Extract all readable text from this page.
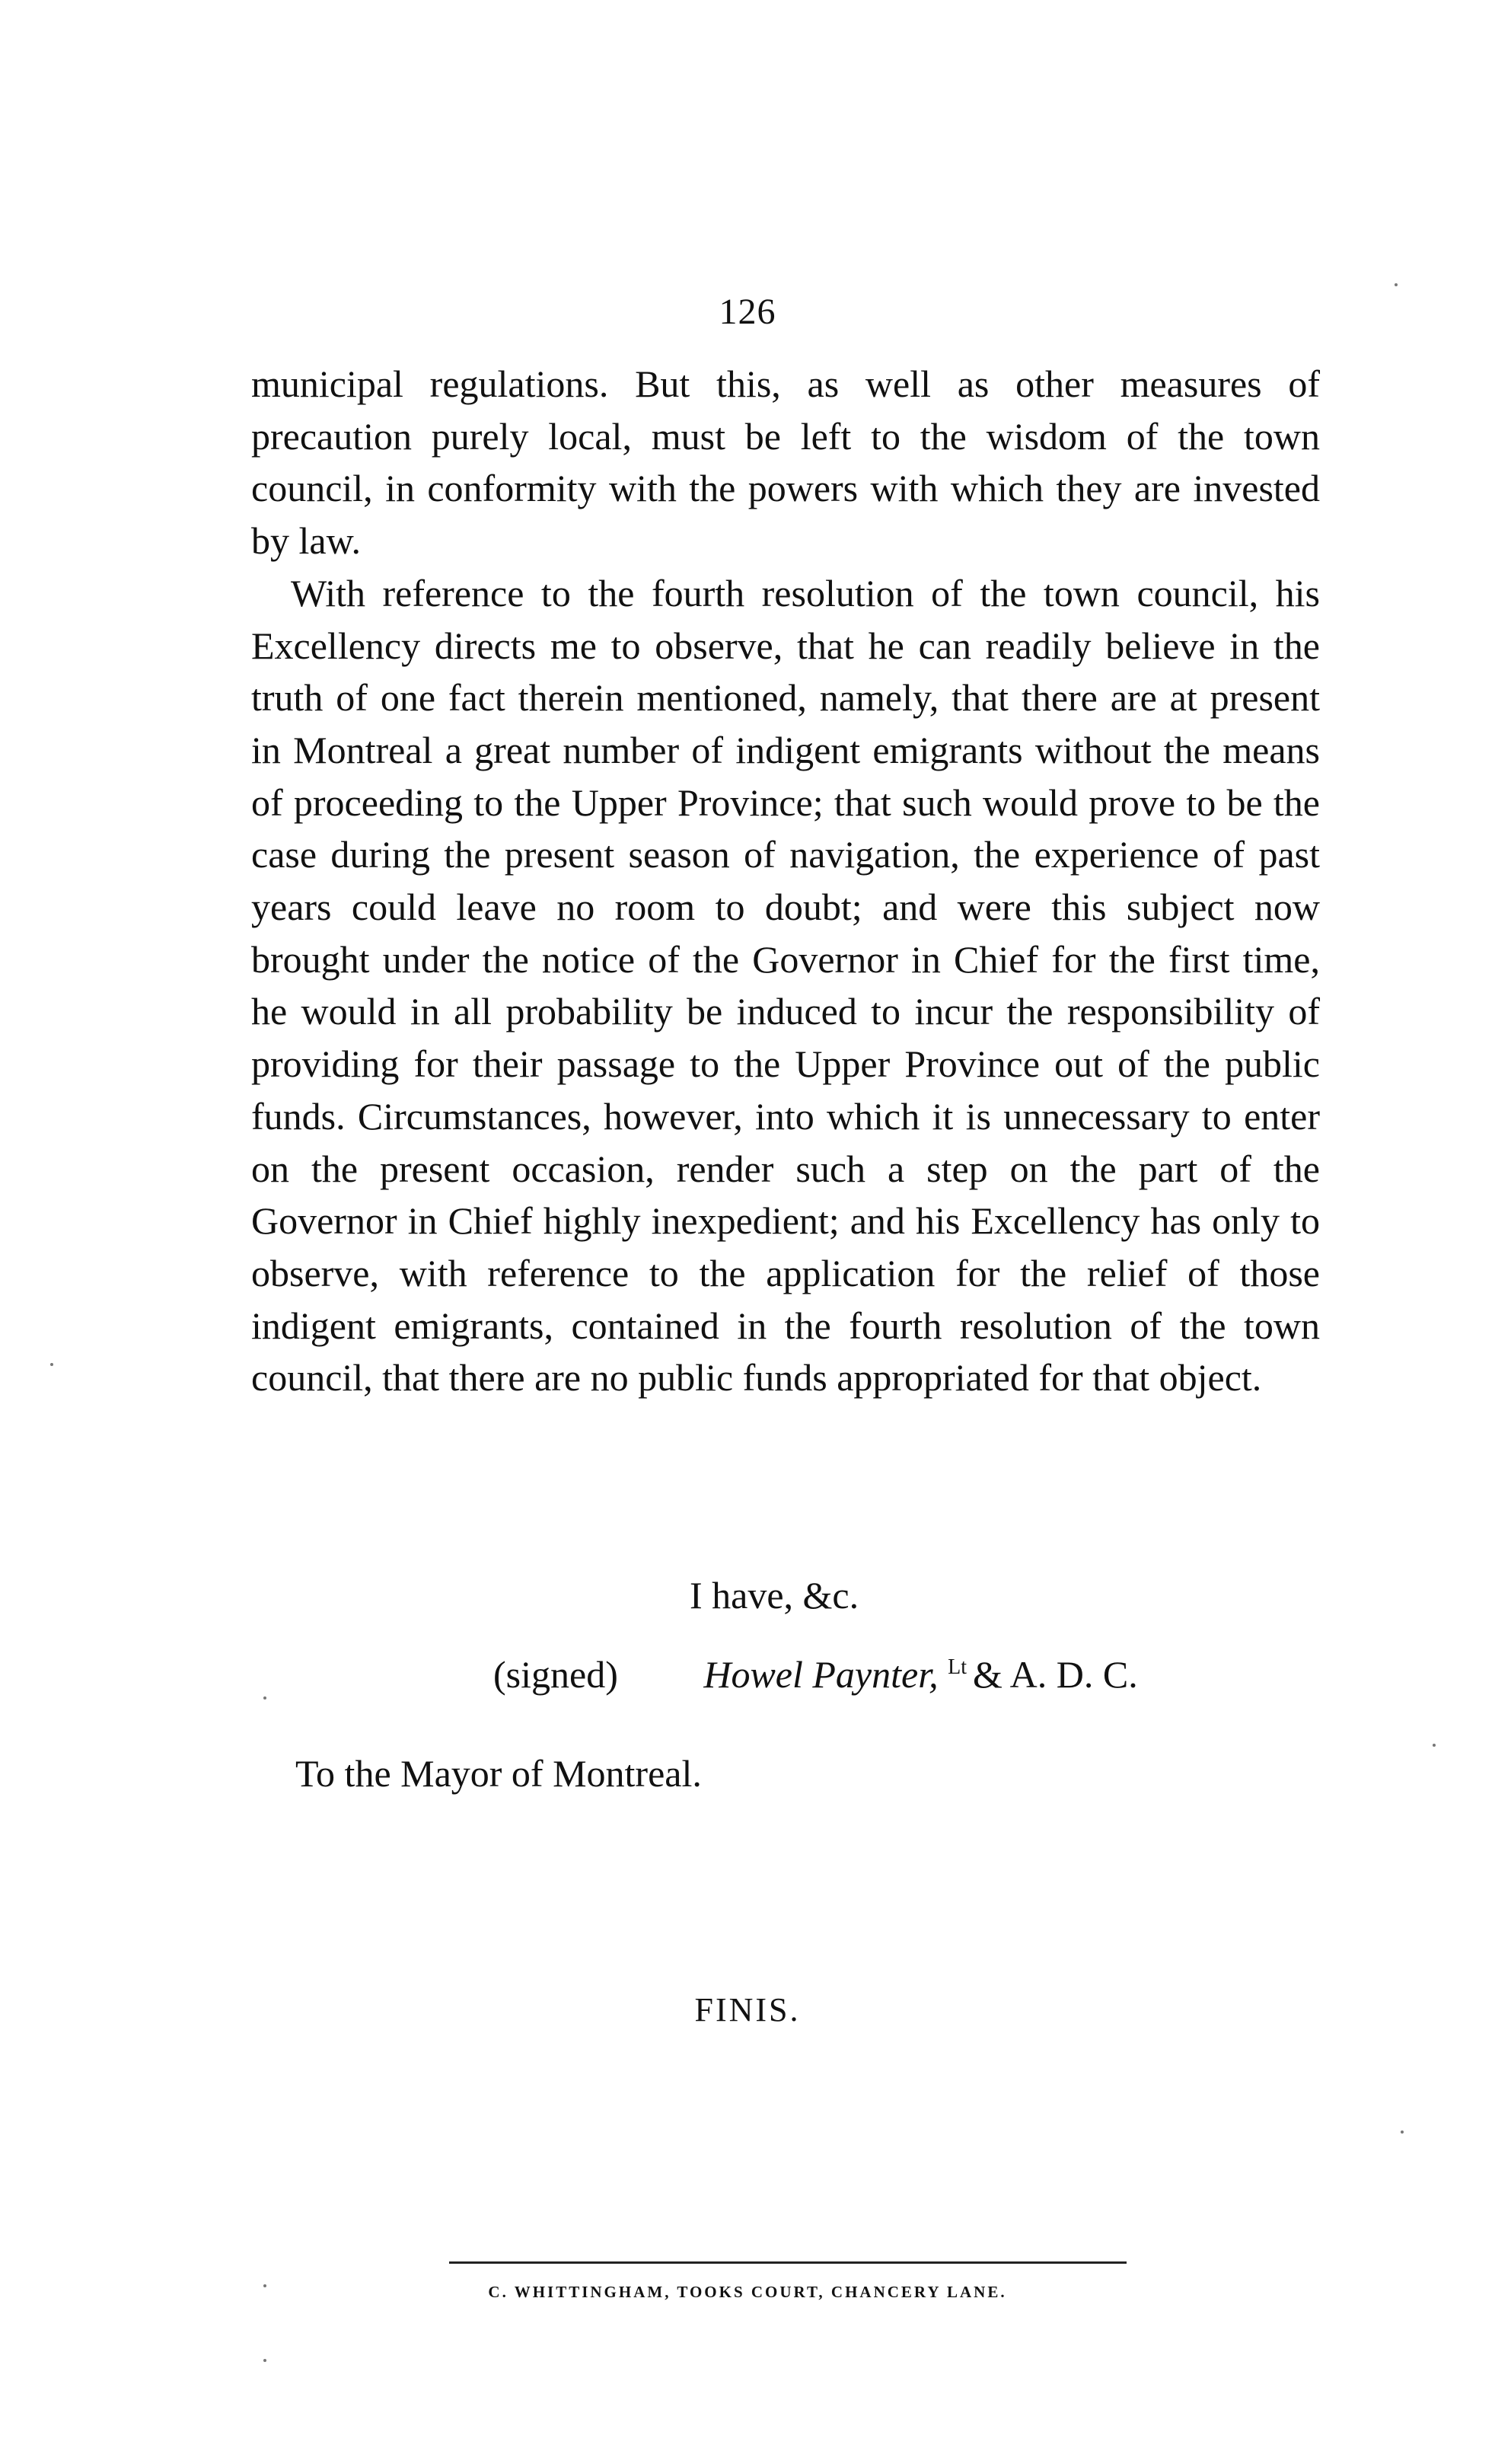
126

municipal regulations. But this, as well as other measures of precaution purely local, must be left to the wisdom of the town council, in conformity with the powers with which they are invested by law.

With reference to the fourth resolution of the town council, his Excellency directs me to observe, that he can readily believe in the truth of one fact therein mentioned, namely, that there are at present in Montreal a great number of indigent emigrants without the means of proceeding to the Upper Province; that such would prove to be the case during the present season of navigation, the experience of past years could leave no room to doubt; and were this subject now brought under the notice of the Governor in Chief for the first time, he would in all probability be induced to incur the responsibility of providing for their passage to the Upper Province out of the public funds. Circumstances, however, into which it is unnecessary to enter on the present occasion, render such a step on the part of the Governor in Chief highly inexpedient; and his Excellency has only to observe, with reference to the application for the relief of those indigent emigrants, contained in the fourth resolution of the town council, that there are no public funds appropriated for that object.

I have, &c.
(signed) Howel Paynter, $^{Lt}$ & A. D. C.
To the Mayor of Montreal.
FINIS.
C. WHITTINGHAM, TOOKS COURT, CHANCERY LANE.
